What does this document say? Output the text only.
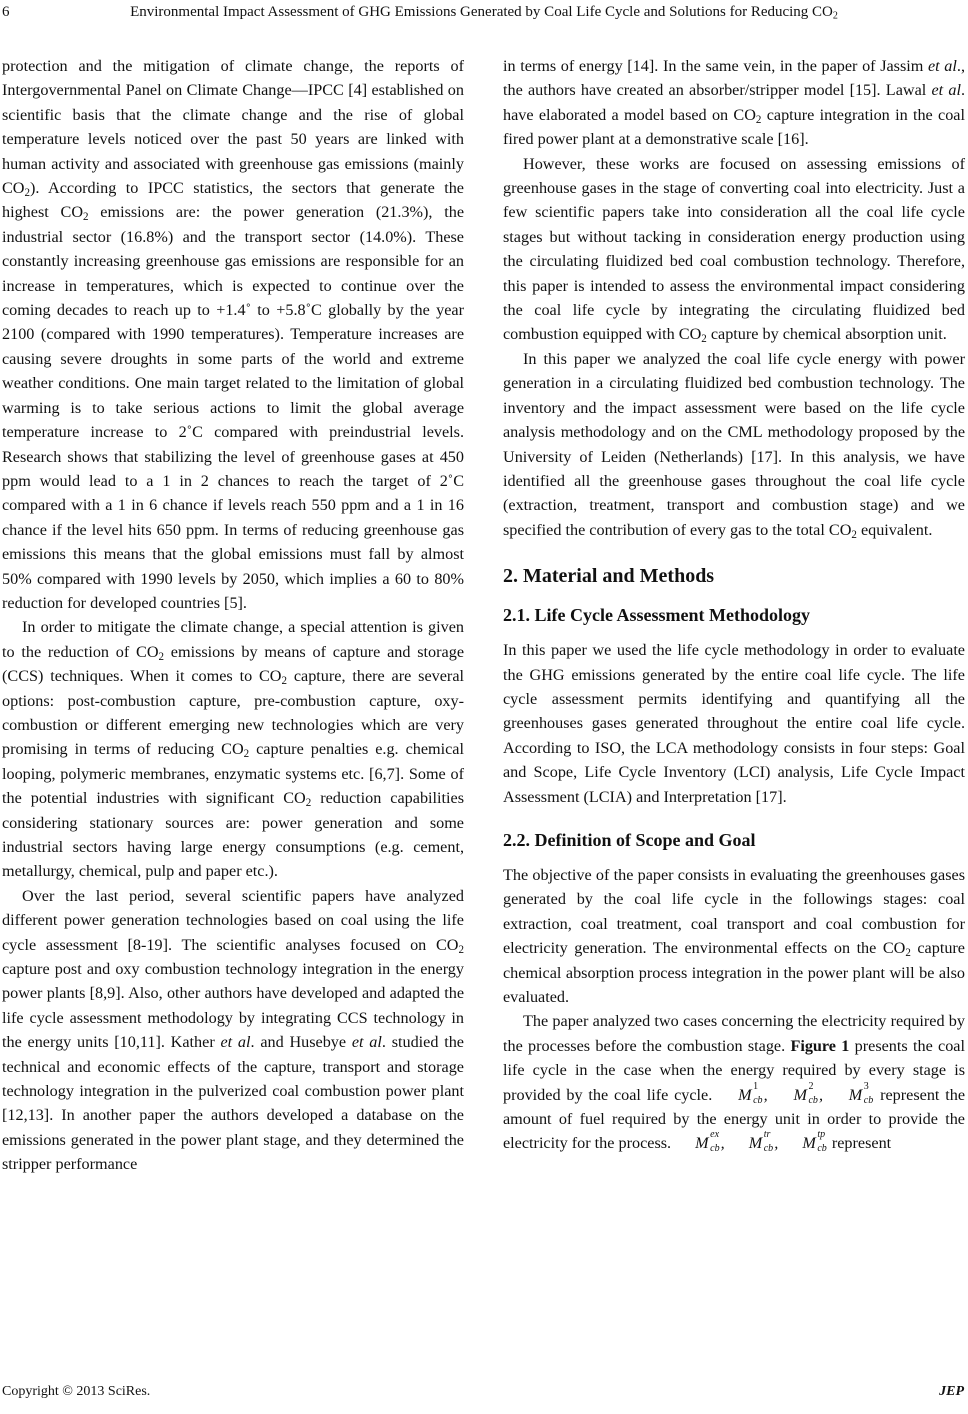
6	Environmental Impact Assessment of GHG Emissions Generated by Coal Life Cycle and Solutions for Reducing $CO_2$

protection and the mitigation of climate change, the reports of Intergovernmental Panel on Climate Change—IPCC [4] established on scientific basis that the climate change and the rise of global temperature levels noticed over the past 50 years are linked with human activity and associated with greenhouse gas emissions (mainly $CO_2$). According to IPCC statistics, the sectors that generate the highest $CO_2$ emissions are: the power generation (21.3%), the industrial sector (16.8%) and the transport sector (14.0%). These constantly increasing greenhouse gas emissions are responsible for an increase in temperatures, which is expected to continue over the coming decades to reach up to +1.4˚ to +5.8˚C globally by the year 2100 (compared with 1990 temperatures). Temperature increases are causing severe droughts in some parts of the world and extreme weather conditions. One main target related to the limitation of global warming is to take serious actions to limit the global average temperature increase to 2˚C compared with preindustrial levels. Research shows that stabilizing the level of greenhouse gases at 450 ppm would lead to a 1 in 2 chances to reach the target of 2˚C compared with a 1 in 6 chance if levels reach 550 ppm and a 1 in 16 chance if the level hits 650 ppm. In terms of reducing greenhouse gas emissions this means that the global emissions must fall by almost 50% compared with 1990 levels by 2050, which implies a 60 to 80% reduction for developed countries [5].

In order to mitigate the climate change, a special attention is given to the reduction of $CO_2$ emissions by means of capture and storage (CCS) techniques. When it comes to $CO_2$ capture, there are several options: post-combustion capture, pre-combustion capture, oxy-combustion or different emerging new technologies which are very promising in terms of reducing $CO_2$ capture penalties e.g. chemical looping, polymeric membranes, enzymatic systems etc. [6,7]. Some of the potential industries with significant $CO_2$ reduction capabilities considering stationary sources are: power generation and some industrial sectors having large energy consumptions (e.g. cement, metallurgy, chemical, pulp and paper etc.).

Over the last period, several scientific papers have analyzed different power generation technologies based on coal using the life cycle assessment [8-19]. The scientific analyses focused on $CO_2$ capture post and oxy combustion technology integration in the energy power plants [8,9]. Also, other authors have developed and adapted the life cycle assessment methodology by integrating CCS technology in the energy units [10,11]. Kather et al. and Husebye et al. studied the technical and economic effects of the capture, transport and storage technology integration in the pulverized coal combustion power plant [12,13]. In another paper the authors developed a database on the emissions generated in the power plant stage, and they determined the stripper performance

in terms of energy [14]. In the same vein, in the paper of Jassim et al., the authors have created an absorber/stripper model [15]. Lawal et al. have elaborated a model based on $CO_2$ capture integration in the coal fired power plant at a demonstrative scale [16].

However, these works are focused on assessing emissions of greenhouse gases in the stage of converting coal into electricity. Just a few scientific papers take into consideration all the coal life cycle stages but without tacking in consideration energy production using the circulating fluidized bed coal combustion technology. Therefore, this paper is intended to assess the environmental impact considering the coal life cycle by integrating the circulating fluidized bed combustion equipped with $CO_2$ capture by chemical absorption unit.

In this paper we analyzed the coal life cycle energy with power generation in a circulating fluidized bed combustion technology. The inventory and the impact assessment were based on the life cycle analysis methodology and on the CML methodology proposed by the University of Leiden (Netherlands) [17]. In this analysis, we have identified all the greenhouse gases throughout the coal life cycle (extraction, treatment, transport and combustion stage) and we specified the contribution of every gas to the total $CO_2$ equivalent.

2. Material and Methods
2.1. Life Cycle Assessment Methodology

In this paper we used the life cycle methodology in order to evaluate the GHG emissions generated by the entire coal life cycle. The life cycle assessment permits identifying and quantifying all the greenhouses gases generated throughout the entire coal life cycle. According to ISO, the LCA methodology consists in four steps: Goal and Scope, Life Cycle Inventory (LCI) analysis, Life Cycle Impact Assessment (LCIA) and Interpretation [17].

2.2. Definition of Scope and Goal

The objective of the paper consists in evaluating the greenhouses gases generated by the coal life cycle in the followings stages: coal extraction, coal treatment, coal transport and coal combustion for electricity generation. The environmental effects on the $CO_2$ capture chemical absorption process integration in the power plant will be also evaluated.

The paper analyzed two cases concerning the electricity required by the processes before the combustion stage. Figure 1 presents the coal life cycle in the case when the energy required by every stage is provided by the coal life cycle. M 1
cb , M 2
cb , M 3
cb represent the amount of fuel required by the energy unit in order to provide the electricity for the process. M ex
cb , M tr
cb , M tp
cb represent

Copyright © 2013 SciRes.	JEP
